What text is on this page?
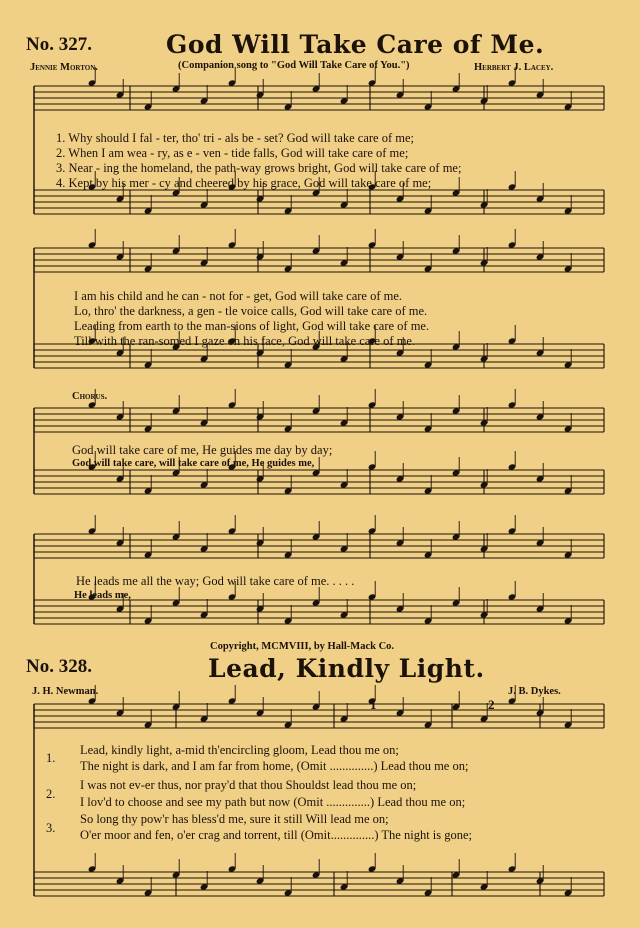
No. 327.	God Will Take Care of Me.
Jennie Morton.	(Companion song to "God Will Take Care of You.")	Herbert J. Lacey.
1. Why should I fal - ter, tho' tri - als be - set? God will take care of me;
2. When I am wea - ry, as e - ven - tide falls, God will take care of me;
3. Near - ing the homeland, the path-way grows bright, God will take care of me;
4. Kept by his mer - cy and cheered by his grace, God will take care of me;
I am his child and he can - not for - get, God will take care of me.
Lo, thro' the darkness, a gen - tle voice calls, God will take care of me.
Leading from earth to the man-sions of light, God will take care of me.
Till with the ran-somed I gaze on his face, God will take care of me.
Chorus.
God will take care of me, He guides me day by day;
God will take care, will take care of me, He guides me,
He leads me all the way; God will take care of me. . . . .
He leads me,
Copyright, MCMVIII, by Hall-Mack Co.
No. 328.	Lead, Kindly Light.
J. H. Newman.	J. B. Dykes.
1	2
1.
2.
3.
Lead, kindly light, a-mid th'encircling gloom, Lead thou me on;
The night is dark, and I am far from home, (Omit ..............) Lead thou me on;
I was not ev-er thus, nor pray'd that thou Shouldst lead thou me on;
I lov'd to choose and see my path but now (Omit ..............) Lead thou me on;
So long thy pow'r has bless'd me, sure it still Will lead me on;
O'er moor and fen, o'er crag and torrent, till (Omit..............) The night is gone;
